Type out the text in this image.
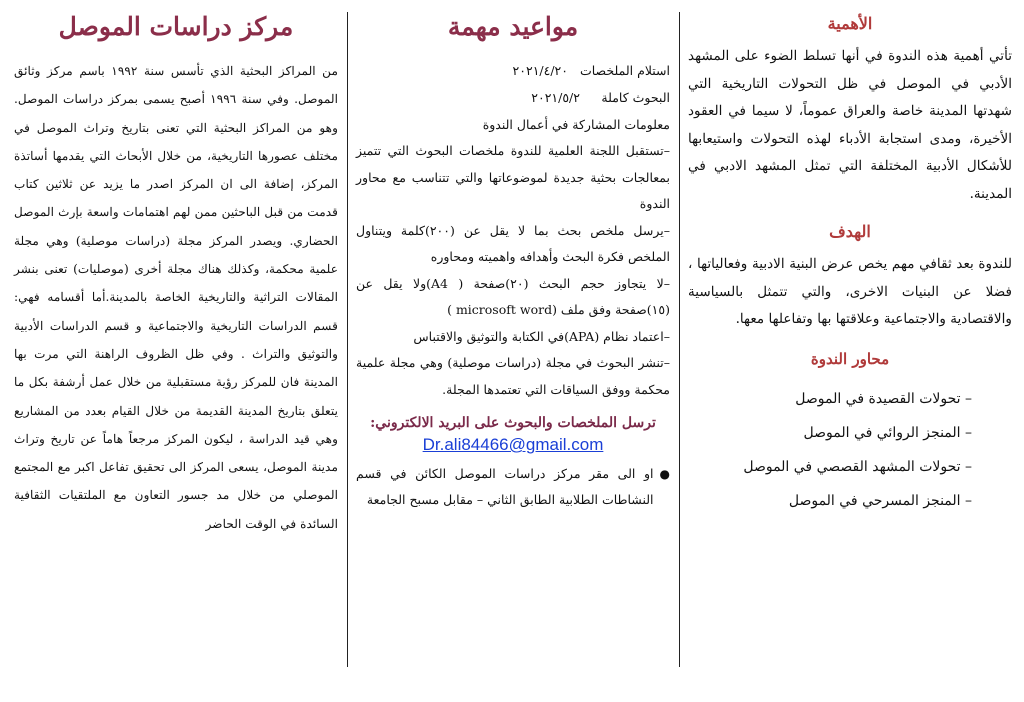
الأهمية

تأتي أهمية هذه الندوة في أنها تسلط الضوء على المشهد الأدبي في الموصل في ظل التحولات التاريخية التي شهدتها المدينة خاصة والعراق عموماً، لا سيما في العقود الأخيرة، ومدى استجابة الأدباء لهذه التحولات واستيعابها للأشكال الأدبية المختلفة التي تمثل المشهد الادبي في المدينة.

الهدف

للندوة بعد ثقافي مهم يخص عرض البنية الادبية وفعالياتها ، فضلا عن البنيات الاخرى، والتي تتمثل بالسياسية والاقتصادية والاجتماعية وعلاقتها بها وتفاعلها معها.

محاور الندوة
– تحولات القصيدة في الموصل
– المنجز الروائي في الموصل
– تحولات المشهد القصصي في الموصل
– المنجز المسرحي في الموصل
مواعيد مهمة
استلام الملخصات
٢٠٢١/٤/٢٠
البحوث كاملة
٢٠٢١/٥/٢
معلومات المشاركة في أعمال الندوة

–تستقبل اللجنة العلمية للندوة ملخصات البحوث التي تتميز بمعالجات بحثية جديدة لموضوعاتها والتي تتناسب مع محاور الندوة

–يرسل ملخص بحث بما لا يقل عن (٢٠٠)كلمة ويتناول الملخص فكرة البحث وأهدافه واهميته ومحاوره

–لا يتجاوز حجم البحث (٢٠)صفحة ( A4)ولا يقل عن (١٥)صفحة وفق ملف (microsoft word )

–اعتماد نظام (APA)في الكتابة والتوثيق والاقتباس

–تنشر البحوث في مجلة (دراسات موصلية) وهي مجلة علمية محكمة ووفق السياقات التي تعتمدها المجلة.

ترسل الملخصات والبحوث على البريد الالكتروني:
Dr.ali84466@gmail.com
●
او الى مقر مركز دراسات الموصل الكائن في قسم النشاطات الطلابية الطابق الثاني – مقابل مسبح الجامعة
مركز دراسات الموصل

من المراكز البحثية الذي تأسس سنة ١٩٩٢ باسم مركز وثائق الموصل. وفي سنة ١٩٩٦ أصبح يسمى بمركز دراسات الموصل. وهو من المراكز البحثية التي تعنى بتاريخ وتراث الموصل في مختلف عصورها التاريخية، من خلال الأبحاث التي يقدمها أساتذة المركز، إضافة الى ان المركز اصدر ما يزيد عن ثلاثين كتاب قدمت من قبل الباحثين ممن لهم اهتمامات واسعة بإرث الموصل الحضاري. ويصدر المركز مجلة (دراسات موصلية) وهي مجلة علمية محكمة، وكذلك هناك مجلة أخرى (موصليات) تعنى بنشر المقالات التراثية والتاريخية الخاصة بالمدينة.أما أقسامه فهي: قسم الدراسات التاريخية والاجتماعية و قسم الدراسات الأدبية والتوثيق والتراث . وفي ظل الظروف الراهنة التي مرت بها المدينة فان للمركز رؤية مستقبلية من خلال عمل أرشفة بكل ما يتعلق بتاريخ المدينة القديمة من خلال القيام بعدد من المشاريع وهي قيد الدراسة ، ليكون المركز مرجعاً هاماً عن تاريخ وتراث مدينة الموصل، يسعى المركز الى تحقيق تفاعل اكبر مع المجتمع الموصلي من خلال مد جسور التعاون مع الملتقيات الثقافية السائدة في الوقت الحاضر
